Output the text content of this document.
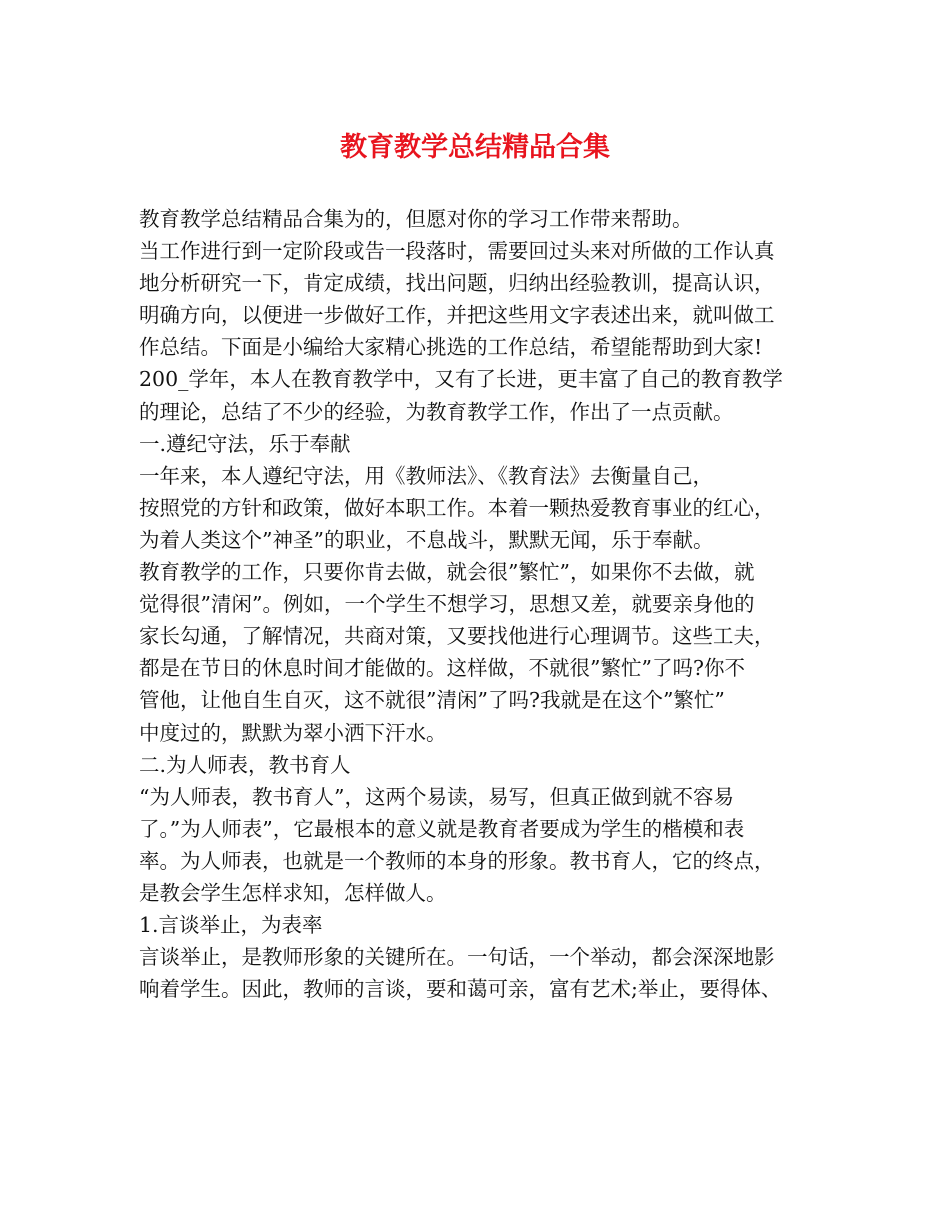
教育教学总结精品合集
教育教学总结精品合集为的，但愿对你的学习工作带来帮助。
当工作进行到一定阶段或告一段落时，需要回过头来对所做的工作认真
地分析研究一下，肯定成绩，找出问题，归纳出经验教训，提高认识，
明确方向，以便进一步做好工作，并把这些用文字表述出来，就叫做工
作总结。下面是小编给大家精心挑选的工作总结，希望能帮助到大家!
200_学年，本人在教育教学中，又有了长进，更丰富了自己的教育教学
的理论，总结了不少的经验，为教育教学工作，作出了一点贡献。
一.遵纪守法，乐于奉献
一年来，本人遵纪守法，用《教师法》、《教育法》去衡量自己，
按照党的方针和政策，做好本职工作。本着一颗热爱教育事业的红心，
为着人类这个”神圣”的职业，不息战斗，默默无闻，乐于奉献。
教育教学的工作，只要你肯去做，就会很”繁忙”，如果你不去做，就
觉得很”清闲”。例如，一个学生不想学习，思想又差，就要亲身他的
家长勾通，了解情况，共商对策，又要找他进行心理调节。这些工夫，
都是在节日的休息时间才能做的。这样做，不就很”繁忙”了吗?你不
管他，让他自生自灭，这不就很”清闲”了吗?我就是在这个”繁忙”
中度过的，默默为翠小洒下汗水。
二.为人师表，教书育人
“为人师表，教书育人”，这两个易读，易写，但真正做到就不容易
了。”为人师表”，它最根本的意义就是教育者要成为学生的楷模和表
率。为人师表，也就是一个教师的本身的形象。教书育人，它的终点，
是教会学生怎样求知，怎样做人。
1.言谈举止，为表率
言谈举止，是教师形象的关键所在。一句话，一个举动，都会深深地影
响着学生。因此，教师的言谈，要和蔼可亲，富有艺术;举止，要得体、
